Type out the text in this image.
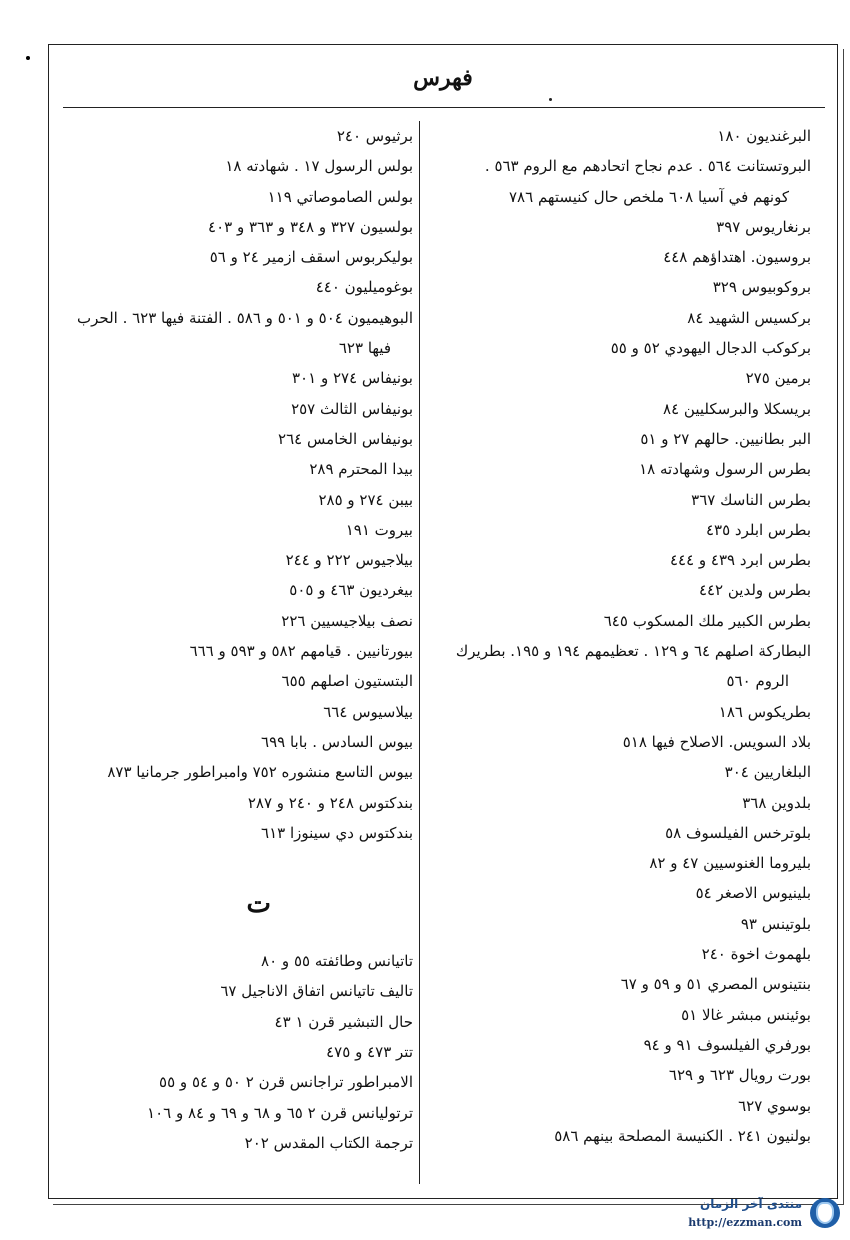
فهرس
البرغنديون ١٨٠
البروتستانت ٥٦٤ . عدم نجاح اتحادهم مع الروم ٥٦٣ .
كونهم في آسيا ٦٠٨ ملخص حال كنيستهم ٧٨٦
برنغاريوس ٣٩٧
بروسيون. اهتداؤهم ٤٤٨
بروكوبيوس ٣٢٩
بركسيس الشهيد ٨٤
بركوكب الدجال اليهودي ٥٢ و ٥٥
برمين ٢٧٥
بريسكلا والبرسكليين ٨٤
البر بطانيين. حالهم ٢٧ و ٥١
بطرس الرسول وشهادته ١٨
بطرس الناسك ٣٦٧
بطرس ابلرد ٤٣٥
بطرس ابرد ٤٣٩ و ٤٤٤
بطرس ولدين ٤٤٢
بطرس الكبير ملك المسكوب ٦٤٥
البطاركة اصلهم ٦٤ و ١٢٩ . تعظيمهم ١٩٤ و ١٩٥. بطريرك
الروم ٥٦٠
بطريكوس ١٨٦
بلاد السويس. الاصلاح فيها ٥١٨
البلغاريين ٣٠٤
بلدوين ٣٦٨
بلوترخس الفيلسوف ٥٨
بليروما الغنوسيين ٤٧ و ٨٢
بلينيوس الاصغر ٥٤
بلوتينس ٩٣
بلهموث اخوة ٢٤٠
بنتينوس المصري ٥١ و ٥٩ و ٦٧
بوئينس مبشر غالا ٥١
بورفري الفيلسوف ٩١ و ٩٤
بورت رويال ٦٢٣ و ٦٢٩
بوسوي ٦٢٧
بولنيون ٢٤١ . الكنيسة المصلحة بينهم ٥٨٦
برثيوس ٢٤٠
بولس الرسول ١٧ . شهادته ١٨
بولس الصاموصاتي ١١٩
بولسيون ٣٢٧ و ٣٤٨ و ٣٦٣ و ٤٠٣
بوليكربوس اسقف ازمير ٢٤ و ٥٦
بوغوميليون ٤٤٠
البوهيميون ٥٠٤ و ٥٠١ و ٥٨٦ . الفتنة فيها ٦٢٣ . الحرب
فيها ٦٢٣
بونيفاس ٢٧٤ و ٣٠١
بونيفاس الثالث ٢٥٧
بونيفاس الخامس ٢٦٤
بيدا المحترم ٢٨٩
بيبن ٢٧٤ و ٢٨٥
بيروت ١٩١
بيلاجيوس ٢٢٢ و ٢٤٤
بيغرديون ٤٦٣ و ٥٠٥
نصف بيلاجيسيين ٢٢٦
بيورتانيين . قيامهم ٥٨٢ و ٥٩٣ و ٦٦٦
البتستيون اصلهم ٦٥٥
بيلاسيوس ٦٦٤
بيوس السادس . بابا ٦٩٩
بيوس التاسع منشوره ٧٥٢ وامبراطور جرمانيا ٨٧٣
بندكتوس ٢٤٨ و ٢٤٠ و ٢٨٧
بندكتوس دي سينوزا ٦١٣
ت
تاتيانس وطائفته ٥٥ و ٨٠
تاليف تاتيانس اتفاق الاناجيل ٦٧
حال التبشير قرن ١ ٤٣
تتر ٤٧٣ و ٤٧٥
الامبراطور تراجانس قرن ٢ ٥٠ و ٥٤ و ٥٥
ترتوليانس قرن ٢ ٦٥ و ٦٨ و ٦٩ و ٨٤ و ١٠٦
ترجمة الكتاب المقدس ٢٠٢
منتدى آخر الزمان
http://ezzman.com
